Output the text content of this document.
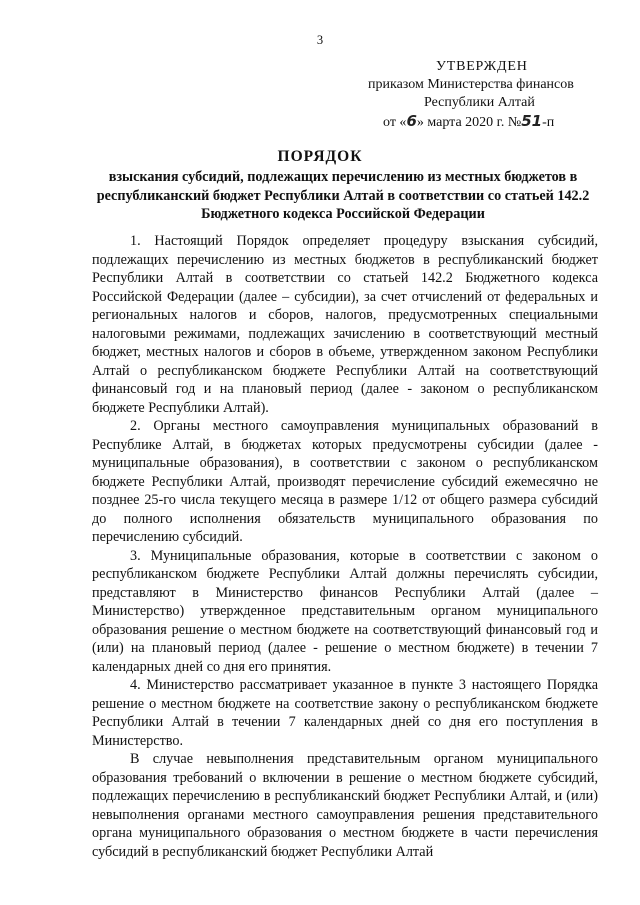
3
УТВЕРЖДЕН
приказом Министерства финансов
Республики Алтай
от «6» марта 2020 г. №51-п
ПОРЯДОК
взыскания субсидий, подлежащих перечислению из местных бюджетов в республиканский бюджет Республики Алтай в соответствии со статьей 142.2 Бюджетного кодекса Российской Федерации

1. Настоящий Порядок определяет процедуру взыскания субсидий, подлежащих перечислению из местных бюджетов в республиканский бюджет Республики Алтай в соответствии со статьей 142.2 Бюджетного кодекса Российской Федерации (далее – субсидии), за счет отчислений от федеральных и региональных налогов и сборов, налогов, предусмотренных специальными налоговыми режимами, подлежащих зачислению в соответствующий местный бюджет, местных налогов и сборов в объеме, утвержденном законом Республики Алтай о республиканском бюджете Республики Алтай на соответствующий финансовый год и на плановый период (далее - законом о республиканском бюджете Республики Алтай).

2. Органы местного самоуправления муниципальных образований в Республике Алтай, в бюджетах которых предусмотрены субсидии (далее - муниципальные образования), в соответствии с законом о республиканском бюджете Республики Алтай, производят перечисление субсидий ежемесячно не позднее 25-го числа текущего месяца в размере 1/12 от общего размера субсидий до полного исполнения обязательств муниципального образования по перечислению субсидий.

3. Муниципальные образования, которые в соответствии с законом о республиканском бюджете Республики Алтай должны перечислять субсидии, представляют в Министерство финансов Республики Алтай (далее – Министерство) утвержденное представительным органом муниципального образования решение о местном бюджете на соответствующий финансовый год и (или) на плановый период (далее - решение о местном бюджете) в течении 7 календарных дней со дня его принятия.

4. Министерство рассматривает указанное в пункте 3 настоящего Порядка решение о местном бюджете на соответствие закону о республиканском бюджете Республики Алтай в течении 7 календарных дней со дня его поступления в Министерство.

В случае невыполнения представительным органом муниципального образования требований о включении в решение о местном бюджете субсидий, подлежащих перечислению в республиканский бюджет Республики Алтай, и (или) невыполнения органами местного самоуправления решения представительного органа муниципального образования о местном бюджете в части перечисления субсидий в республиканский бюджет Республики Алтай
